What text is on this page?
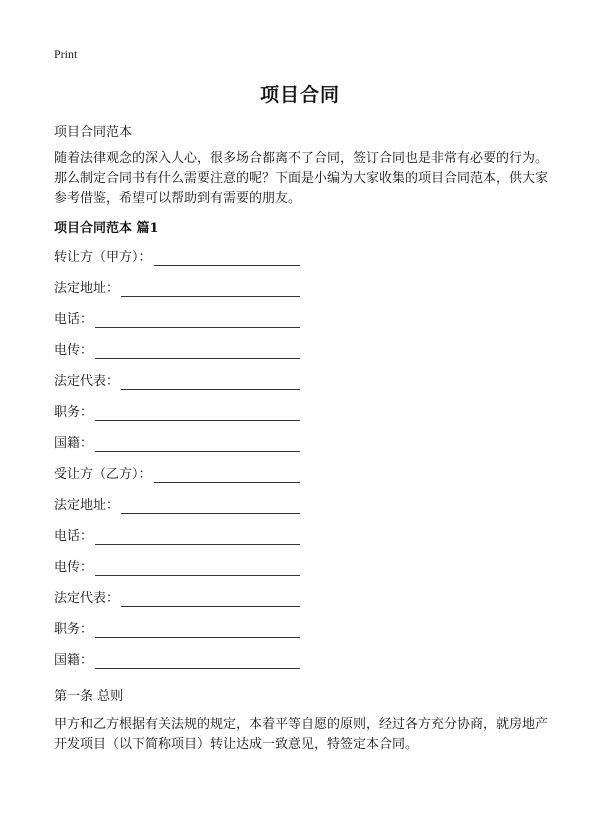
Print
项目合同
项目合同范本

随着法律观念的深入人心，很多场合都离不了合同，签订合同也是非常有必要的行为。那么制定合同书有什么需要注意的呢？下面是小编为大家收集的项目合同范本，供大家参考借鉴，希望可以帮助到有需要的朋友。

项目合同范本 篇1
转让方（甲方）：
法定地址：
电话：
电传：
法定代表：
职务：
国籍：
受让方（乙方）：
法定地址：
电话：
电传：
法定代表：
职务：
国籍：
第一条 总则

甲方和乙方根据有关法规的规定，本着平等自愿的原则，经过各方充分协商，就房地产开发项目（以下简称项目）转让达成一致意见，特签定本合同。
